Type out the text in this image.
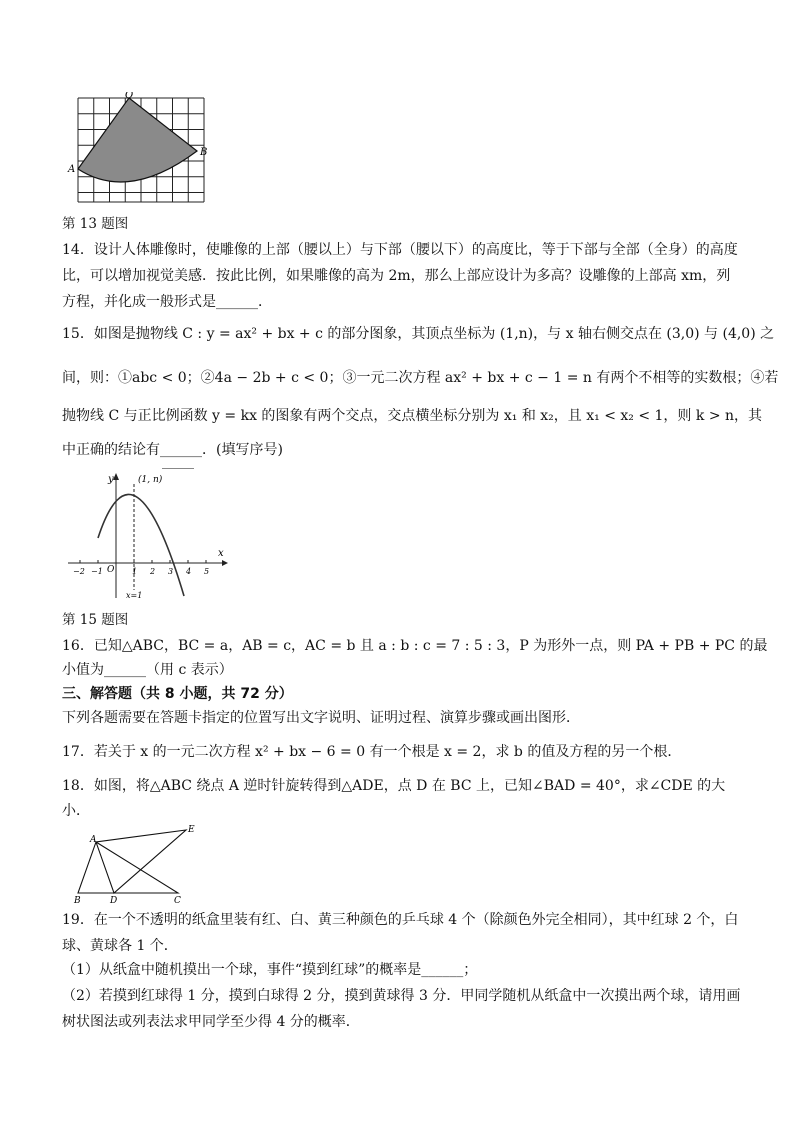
O
A
B
第 13 题图
14．设计人体雕像时，使雕像的上部（腰以上）与下部（腰以下）的高度比，等于下部与全部（全身）的高度
比，可以增加视觉美感．按此比例，如果雕像的高为 2m，那么上部应设计为多高？设雕像的上部高 xm，列
方程，并化成一般形式是______．
15．如图是抛物线 C : y = ax² + bx + c 的部分图象，其顶点坐标为 (1,n)，与 x 轴右侧交点在 (3,0) 与 (4,0) 之
间，则：①abc < 0；②4a − 2b + c < 0；③一元二次方程 ax² + bx + c − 1 = n 有两个不相等的实数根；④若
抛物线 C 与正比例函数 y = kx 的图象有两个交点，交点横坐标分别为 x₁ 和 x₂，且 x₁ < x₂ < 1，则 k > n，其
中正确的结论有______．(填写序号)
y
x
O
(1, n)
x=1
−2 −1	1 2 3 4 5
第 15 题图
16．已知△ABC，BC = a，AB = c，AC = b 且 a : b : c = 7 : 5 : 3，P 为形外一点，则 PA + PB + PC 的最
小值为______（用 c 表示）
三、解答题（共 8 小题，共 72 分）
下列各题需要在答题卡指定的位置写出文字说明、证明过程、演算步骤或画出图形．
17．若关于 x 的一元二次方程 x² + bx − 6 = 0 有一个根是 x = 2，求 b 的值及方程的另一个根．
18．如图，将△ABC 绕点 A 逆时针旋转得到△ADE，点 D 在 BC 上，已知∠BAD = 40°，求∠CDE 的大
小．
A
B	C
D
E
19．在一个不透明的纸盒里装有红、白、黄三种颜色的乒乓球 4 个（除颜色外完全相同），其中红球 2 个，白
球、黄球各 1 个．
（1）从纸盒中随机摸出一个球，事件“摸到红球”的概率是______；
（2）若摸到红球得 1 分，摸到白球得 2 分，摸到黄球得 3 分．甲同学随机从纸盒中一次摸出两个球，请用画
树状图法或列表法求甲同学至少得 4 分的概率．
